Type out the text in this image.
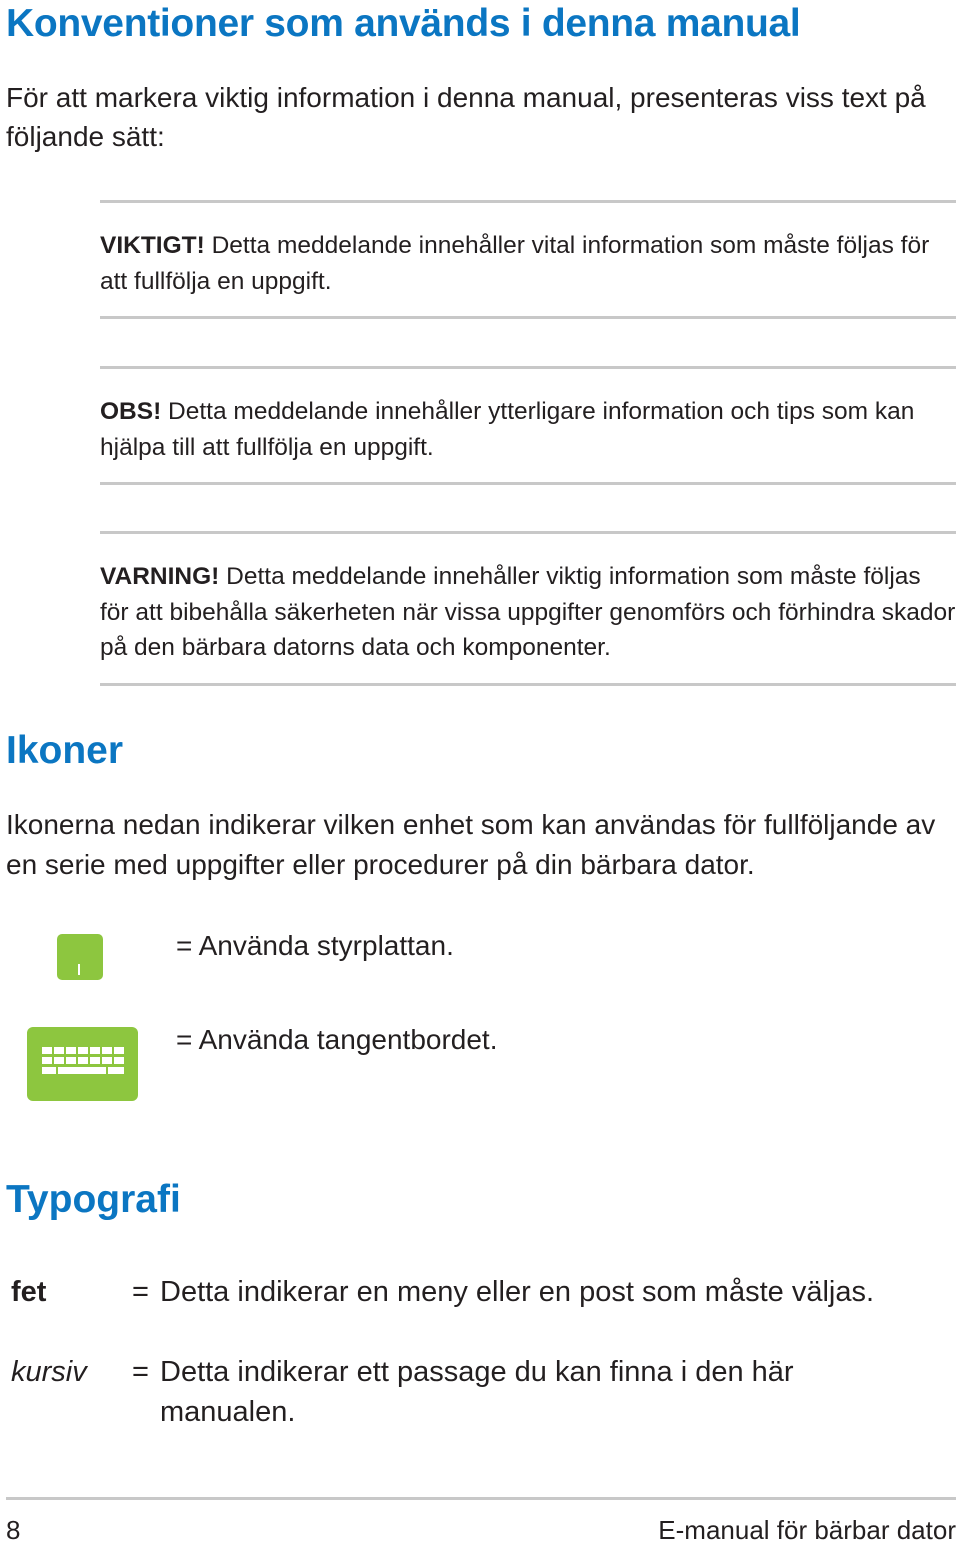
Konventioner som används i denna manual

För att markera viktig information i denna manual, presenteras viss text på följande sätt:

VIKTIGT! Detta meddelande innehåller vital information som måste följas för att fullfölja en uppgift.

OBS! Detta meddelande innehåller ytterligare information och tips som kan hjälpa till att fullfölja en uppgift.

VARNING! Detta meddelande innehåller viktig information som måste följas för att bibehålla säkerheten när vissa uppgifter genomförs och förhindra skador på den bärbara datorns data och komponenter.

Ikoner

Ikonerna nedan indikerar vilken enhet som kan användas för fullföljande av en serie med uppgifter eller procedurer på din bärbara dator.

= Använda styrplattan.

= Använda tangentbordet.

Typografi

fet	= Detta indikerar en meny eller en post som måste väljas.

kursiv = Detta indikerar ett passage du kan finna i den här manualen.

8	E-manual för bärbar dator
